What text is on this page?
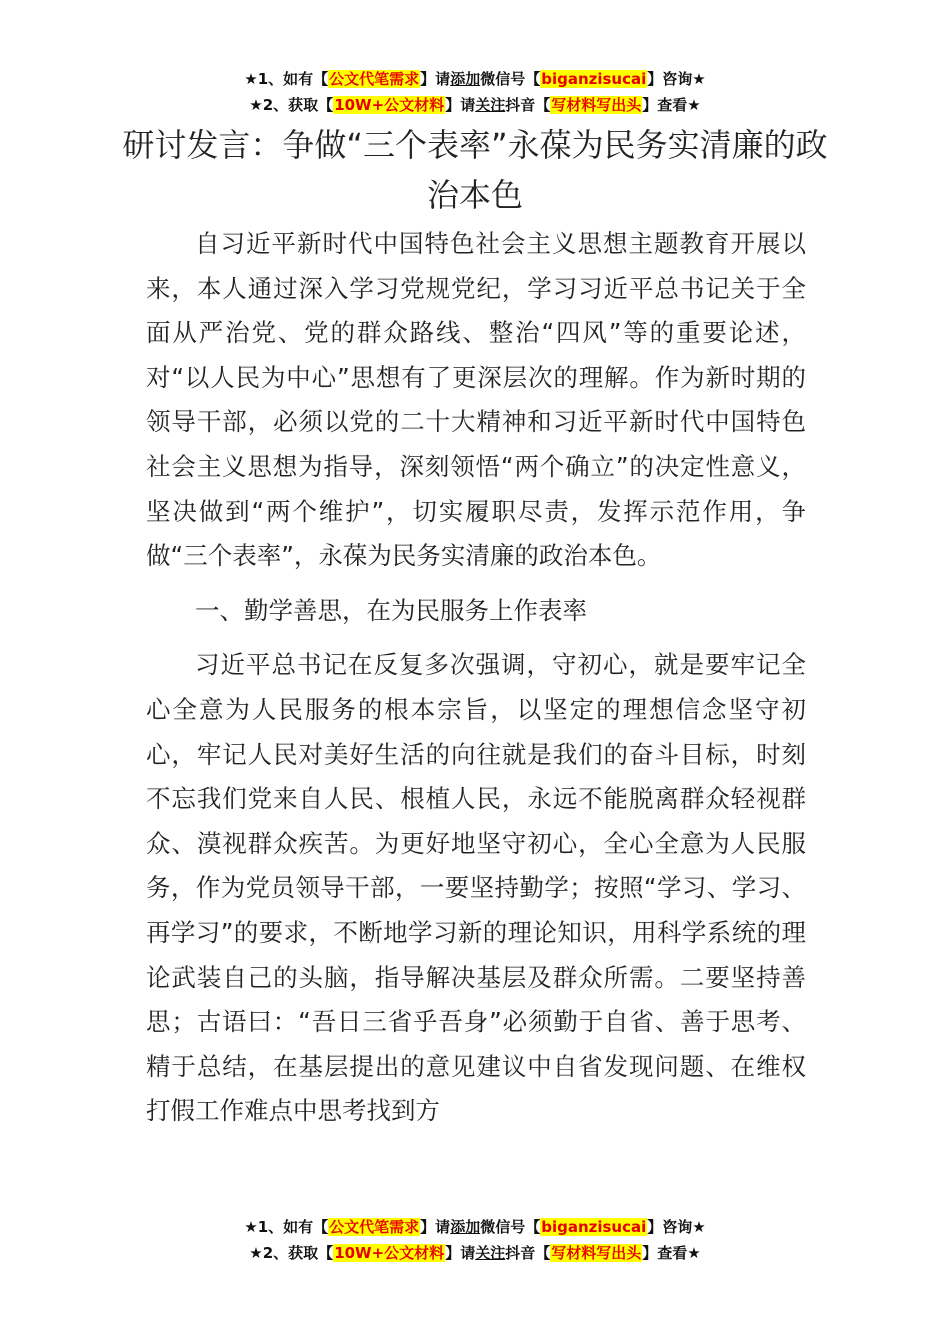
★1、如有【公文代笔需求】请添加微信号【biganzisucai】咨询★
★2、获取【10W+公文材料】请关注抖音【写材料写出头】查看★
研讨发言：争做“三个表率”永葆为民务实清廉的政治本色

自习近平新时代中国特色社会主义思想主题教育开展以来，本人通过深入学习党规党纪，学习习近平总书记关于全面从严治党、党的群众路线、整治“四风”等的重要论述，对“以人民为中心”思想有了更深层次的理解。作为新时期的领导干部，必须以党的二十大精神和习近平新时代中国特色社会主义思想为指导，深刻领悟“两个确立”的决定性意义，坚决做到“两个维护”，切实履职尽责，发挥示范作用，争做“三个表率”，永葆为民务实清廉的政治本色。

一、勤学善思，在为民服务上作表率

习近平总书记在反复多次强调，守初心，就是要牢记全心全意为人民服务的根本宗旨，以坚定的理想信念坚守初心，牢记人民对美好生活的向往就是我们的奋斗目标，时刻不忘我们党来自人民、根植人民，永远不能脱离群众轻视群众、漠视群众疾苦。为更好地坚守初心，全心全意为人民服务，作为党员领导干部，一要坚持勤学；按照“学习、学习、再学习”的要求，不断地学习新的理论知识，用科学系统的理论武装自己的头脑，指导解决基层及群众所需。二要坚持善思；古语曰：“吾日三省乎吾身”必须勤于自省、善于思考、精于总结，在基层提出的意见建议中自省发现问题、在维权打假工作难点中思考找到方

★1、如有【公文代笔需求】请添加微信号【biganzisucai】咨询★
★2、获取【10W+公文材料】请关注抖音【写材料写出头】查看★
